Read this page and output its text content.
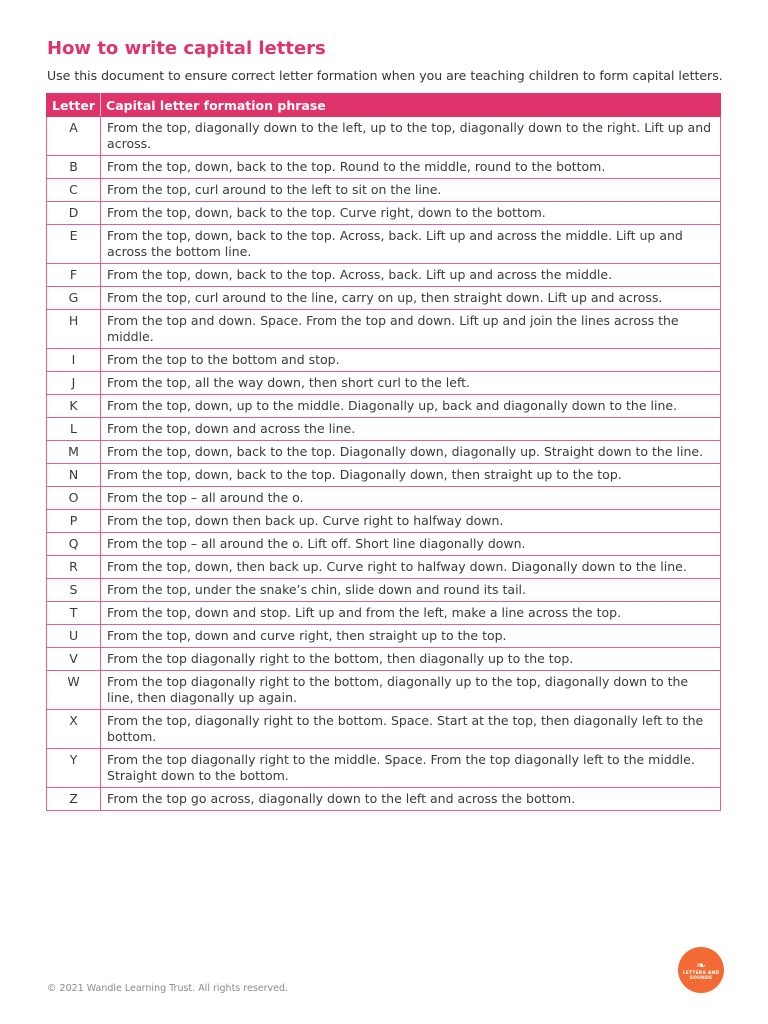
How to write capital letters

Use this document to ensure correct letter formation when you are teaching children to form capital letters.

Letter	Capital letter formation phrase
A	From the top, diagonally down to the left, up to the top, diagonally down to the right. Lift up and across.
B	From the top, down, back to the top. Round to the middle, round to the bottom.
C	From the top, curl around to the left to sit on the line.
D	From the top, down, back to the top. Curve right, down to the bottom.
E	From the top, down, back to the top. Across, back. Lift up and across the middle. Lift up and across the bottom line.
F	From the top, down, back to the top. Across, back. Lift up and across the middle.
G	From the top, curl around to the line, carry on up, then straight down. Lift up and across.
H	From the top and down. Space. From the top and down. Lift up and join the lines across the middle.
I	From the top to the bottom and stop.
J	From the top, all the way down, then short curl to the left.
K	From the top, down, up to the middle. Diagonally up, back and diagonally down to the line.
L	From the top, down and across the line.
M	From the top, down, back to the top. Diagonally down, diagonally up. Straight down to the line.
N	From the top, down, back to the top. Diagonally down, then straight up to the top.
O	From the top – all around the o.
P	From the top, down then back up. Curve right to halfway down.
Q	From the top – all around the o. Lift off. Short line diagonally down.
R	From the top, down, then back up. Curve right to halfway down. Diagonally down to the line.
S	From the top, under the snake’s chin, slide down and round its tail.
T	From the top, down and stop. Lift up and from the left, make a line across the top.
U	From the top, down and curve right, then straight up to the top.
V	From the top diagonally right to the bottom, then diagonally up to the top.
W	From the top diagonally right to the bottom, diagonally up to the top, diagonally down to the line, then diagonally up again.
X	From the top, diagonally right to the bottom. Space. Start at the top, then diagonally left to the bottom.
Y	From the top diagonally right to the middle. Space. From the top diagonally left to the middle. Straight down to the bottom.
Z	From the top go across, diagonally down to the left and across the bottom.
© 2021 Wandle Learning Trust. All rights reserved.
❧
LETTERS AND
SOUNDS
